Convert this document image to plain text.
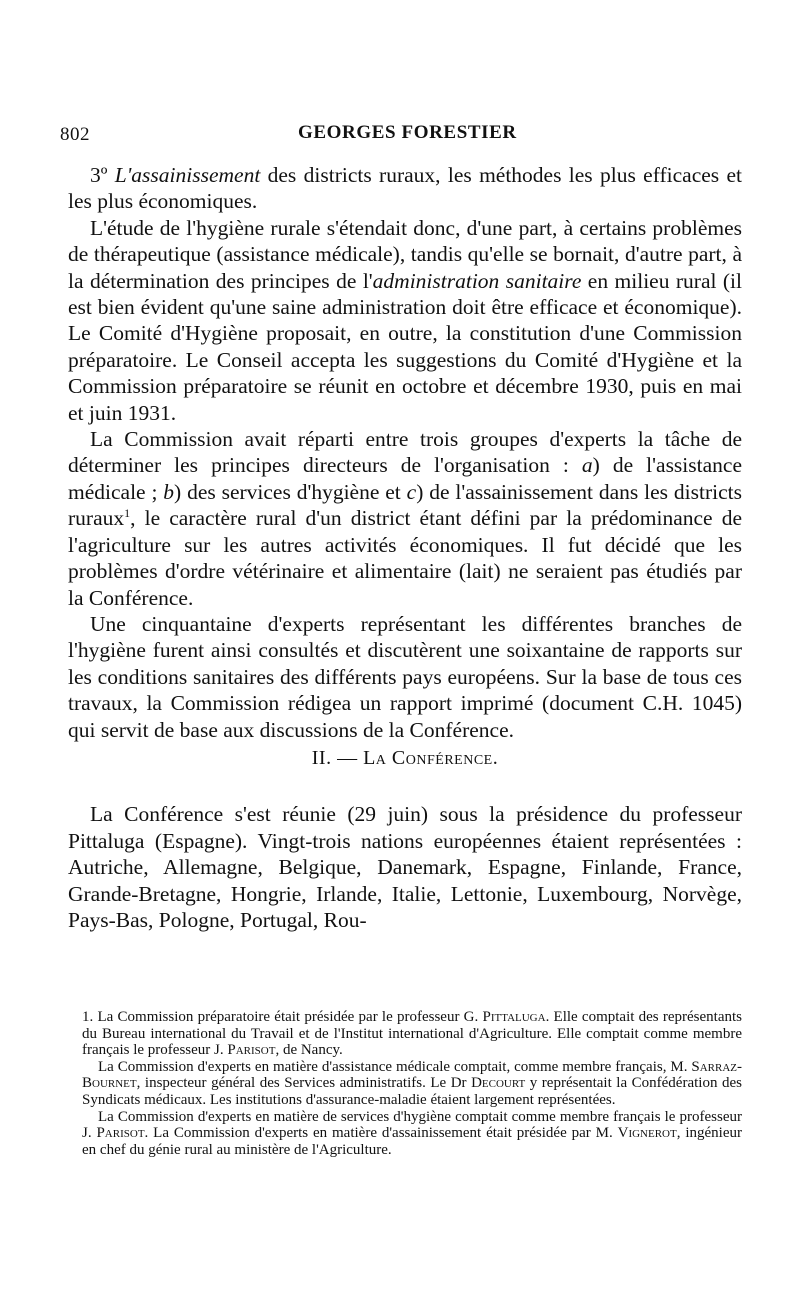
802	GEORGES FORESTIER

3º L'assainissement des districts ruraux, les méthodes les plus efficaces et les plus économiques.

L'étude de l'hygiène rurale s'étendait donc, d'une part, à certains problèmes de thérapeutique (assistance médicale), tandis qu'elle se bornait, d'autre part, à la détermination des principes de l'administration sanitaire en milieu rural (il est bien évident qu'une saine administration doit être efficace et économique). Le Comité d'Hygiène proposait, en outre, la constitution d'une Commission préparatoire. Le Conseil accepta les suggestions du Comité d'Hygiène et la Commission préparatoire se réunit en octobre et décembre 1930, puis en mai et juin 1931.

La Commission avait réparti entre trois groupes d'experts la tâche de déterminer les principes directeurs de l'organisation : a) de l'assistance médicale ; b) des services d'hygiène et c) de l'assainissement dans les districts ruraux$^1$, le caractère rural d'un district étant défini par la prédominance de l'agriculture sur les autres activités économiques. Il fut décidé que les problèmes d'ordre vétérinaire et alimentaire (lait) ne seraient pas étudiés par la Conférence.

Une cinquantaine d'experts représentant les différentes branches de l'hygiène furent ainsi consultés et discutèrent une soixantaine de rapports sur les conditions sanitaires des différents pays européens. Sur la base de tous ces travaux, la Commission rédigea un rapport imprimé (document C.H. 1045) qui servit de base aux discussions de la Conférence.

II. — La Conférence.

La Conférence s'est réunie (29 juin) sous la présidence du professeur Pittaluga (Espagne). Vingt-trois nations européennes étaient représentées : Autriche, Allemagne, Belgique, Danemark, Espagne, Finlande, France, Grande-Bretagne, Hongrie, Irlande, Italie, Lettonie, Luxembourg, Norvège, Pays-Bas, Pologne, Portugal, Rou-

1. La Commission préparatoire était présidée par le professeur G. Pittaluga. Elle comptait des représentants du Bureau international du Travail et de l'Institut international d'Agriculture. Elle comptait comme membre français le professeur J. Parisot, de Nancy.

La Commission d'experts en matière d'assistance médicale comptait, comme membre français, M. Sarraz-Bournet, inspecteur général des Services administratifs. Le Dr Decourt y représentait la Confédération des Syndicats médicaux. Les institutions d'assurance-maladie étaient largement représentées.

La Commission d'experts en matière de services d'hygiène comptait comme membre français le professeur J. Parisot. La Commission d'experts en matière d'assainissement était présidée par M. Vignerot, ingénieur en chef du génie rural au ministère de l'Agriculture.
